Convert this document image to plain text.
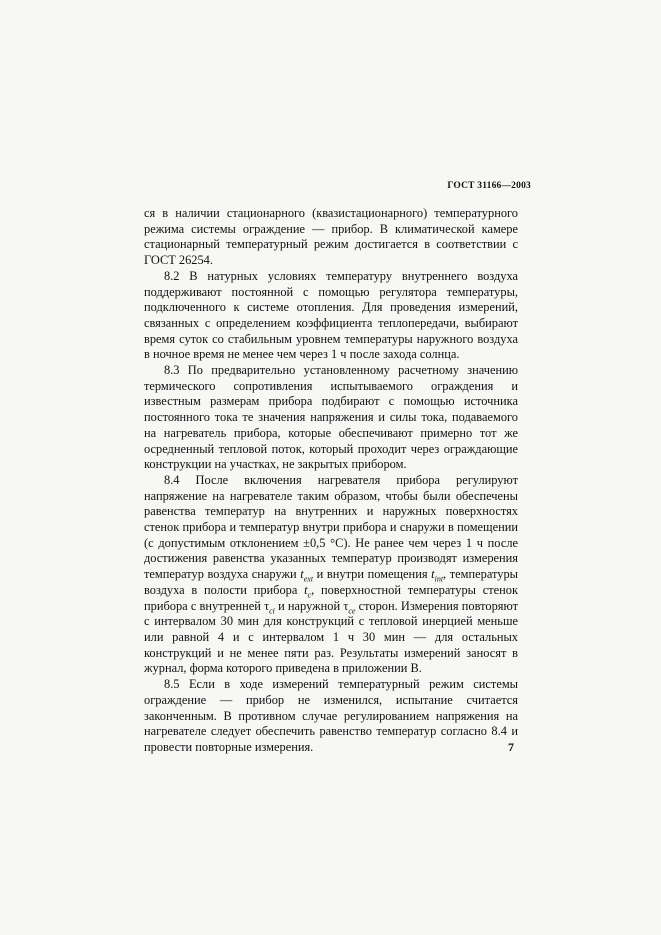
ГОСТ 31166—2003

ся в наличии стационарного (квазистационарного) температурного режима системы ограждение — прибор. В климатической камере стационарный температурный режим достигается в соответствии с ГОСТ 26254.

8.2 В натурных условиях температуру внутреннего воздуха поддерживают постоянной с помощью регулятора температуры, подключенного к системе отопления. Для проведения измерений, связанных с определением коэффициента теплопередачи, выбирают время суток со стабильным уровнем температуры наружного воздуха в ночное время не менее чем через 1 ч после захода солнца.

8.3 По предварительно установленному расчетному значению термического сопротивления испытываемого ограждения и известным размерам прибора подбирают с помощью источника постоянного тока те значения напряжения и силы тока, подаваемого на нагреватель прибора, которые обеспечивают примерно тот же осредненный тепловой поток, который проходит через ограждающие конструкции на участках, не закрытых прибором.

8.4 После включения нагревателя прибора регулируют напряжение на нагревателе таким образом, чтобы были обеспечены равенства температур на внутренних и наружных поверхностях стенок прибора и температур внутри прибора и снаружи в помещении (с допустимым отклонением ±0,5 °С). Не ранее чем через 1 ч после достижения равенства указанных температур производят измерения температур воздуха снаружи $t_{ext}$ и внутри помещения $t_{int}$, температуры воздуха в полости прибора $t_c$, поверхностной температуры стенок прибора с внутренней $\tau_{ci}$ и наружной $\tau_{ce}$ сторон. Измерения повторяют с интервалом 30 мин для конструкций с тепловой инерцией меньше или равной 4 и с интервалом 1 ч 30 мин — для остальных конструкций и не менее пяти раз. Результаты измерений заносят в журнал, форма которого приведена в приложении В.

8.5 Если в ходе измерений температурный режим системы ограждение — прибор не изменился, испытание считается законченным. В противном случае регулированием напряжения на нагревателе следует обеспечить равенство температур согласно 8.4 и провести повторные измерения.	7
